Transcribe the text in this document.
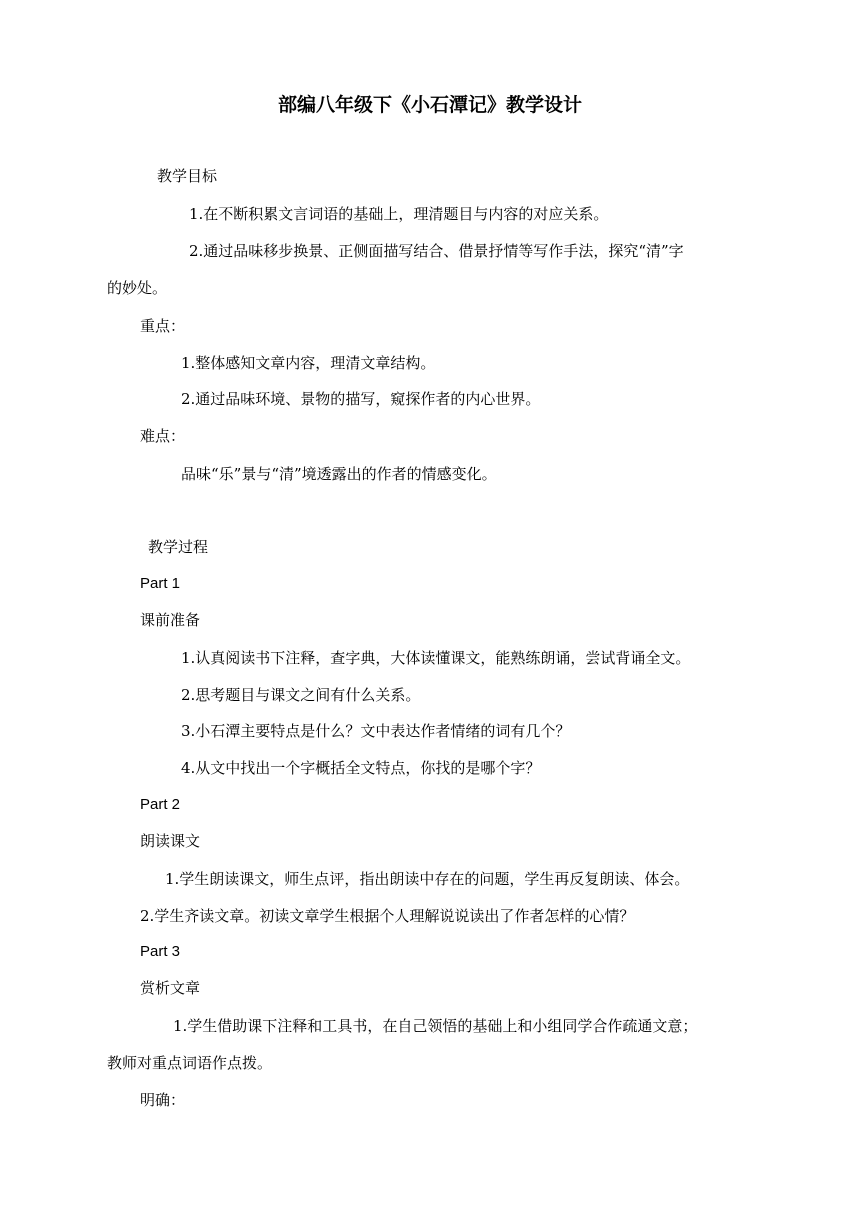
部编八年级下《小石潭记》教学设计
教学目标
1.在不断积累文言词语的基础上，理清题目与内容的对应关系。
2.通过品味移步换景、正侧面描写结合、借景抒情等写作手法，探究“清”字
的妙处。
重点：
1.整体感知文章内容，理清文章结构。
2.通过品味环境、景物的描写，窥探作者的内心世界。
难点：
品味“乐”景与“清”境透露出的作者的情感变化。
教学过程
Part 1
课前准备
1.认真阅读书下注释，查字典，大体读懂课文，能熟练朗诵，尝试背诵全文。
2.思考题目与课文之间有什么关系。
3.小石潭主要特点是什么？文中表达作者情绪的词有几个？
4.从文中找出一个字概括全文特点，你找的是哪个字？
Part 2
朗读课文
1.学生朗读课文，师生点评，指出朗读中存在的问题，学生再反复朗读、体会。
2.学生齐读文章。初读文章学生根据个人理解说说读出了作者怎样的心情？
Part 3
赏析文章
1.学生借助课下注释和工具书，在自己领悟的基础上和小组同学合作疏通文意；
教师对重点词语作点拨。
明确：
